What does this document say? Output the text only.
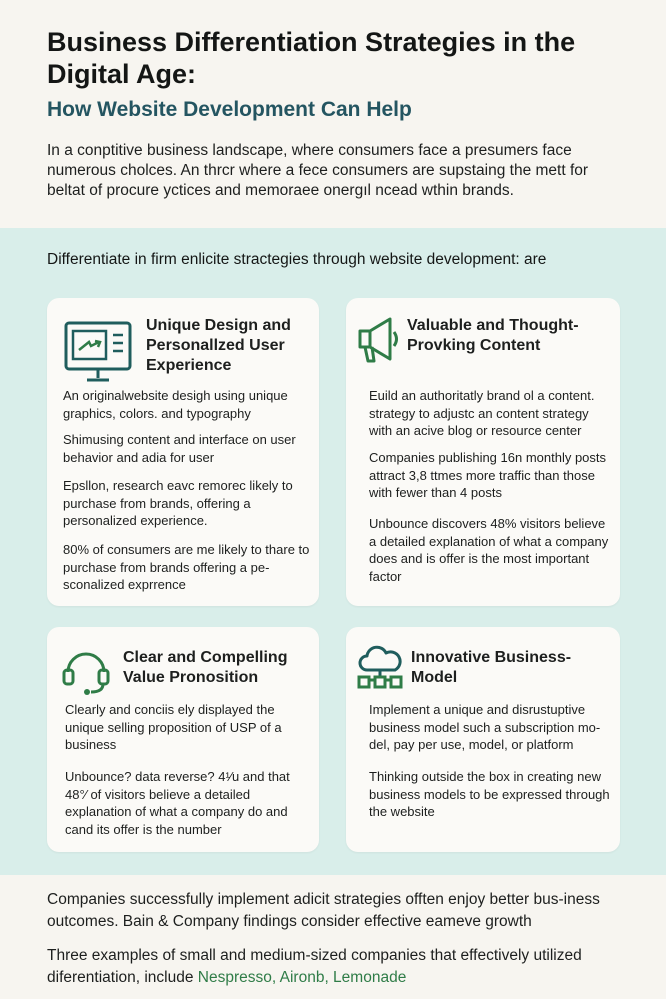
Business Differentiation Strategies in the Digital Age:
How Website Development Can Help

In a conptitive business landscape, where consumers face a presumers face numerous cholces. An thrcr where a fece consumers are supstaing the mett for beltat of procure yctices and memoraee onergıl ncead wthin brands.

Differentiate in firm enlicite stractegies through website development: are

Unique Design and Personallzed User Experience

An originalwebsite desigh using unique graphics, colors. and typography

Shimusing content and interface on user behavior and adia for user

Epsllon, research eavc remorec likely to purchase from brands, offering a personalized experience.

80% of consumers are me likely to thare to purchase from brands offering a pe-sconalized exprrence

Valuable and Thought-Provking Content

Euild an authoritatly brand ol a content. strategy to adjustc an content strategy with an acive blog or resource center

Companies publishing 16n monthly posts attract 3,8 ttmes more traffic than those with fewer than 4 posts

Unbounce discovers 48% visitors believe a detailed explanation of what a company does and is offer is the most important factor

Clear and Compelling Value Pronosition

Clearly and conciis ely displayed the unique selling proposition of USP of a business

Unbounce? data reverse? 4¹⁄u and that 48°⁄ of visitors believe a detailed explanation of what a company do and cand its offer is the number

Innovative Business-Model

Implement a unique and disrustuptive business model such a subscription mo-del, pay per use, model, or platform

Thinking outside the box in creating new business models to be expressed through the website

Companies successfully implement adicit strategies offten enjoy better bus-iness outcomes. Bain & Company findings consider effective eameve growth

Three examples of small and medium-sized companies that effectively utilized diferentiation, include Nespresso, Aironb, Lemonade
